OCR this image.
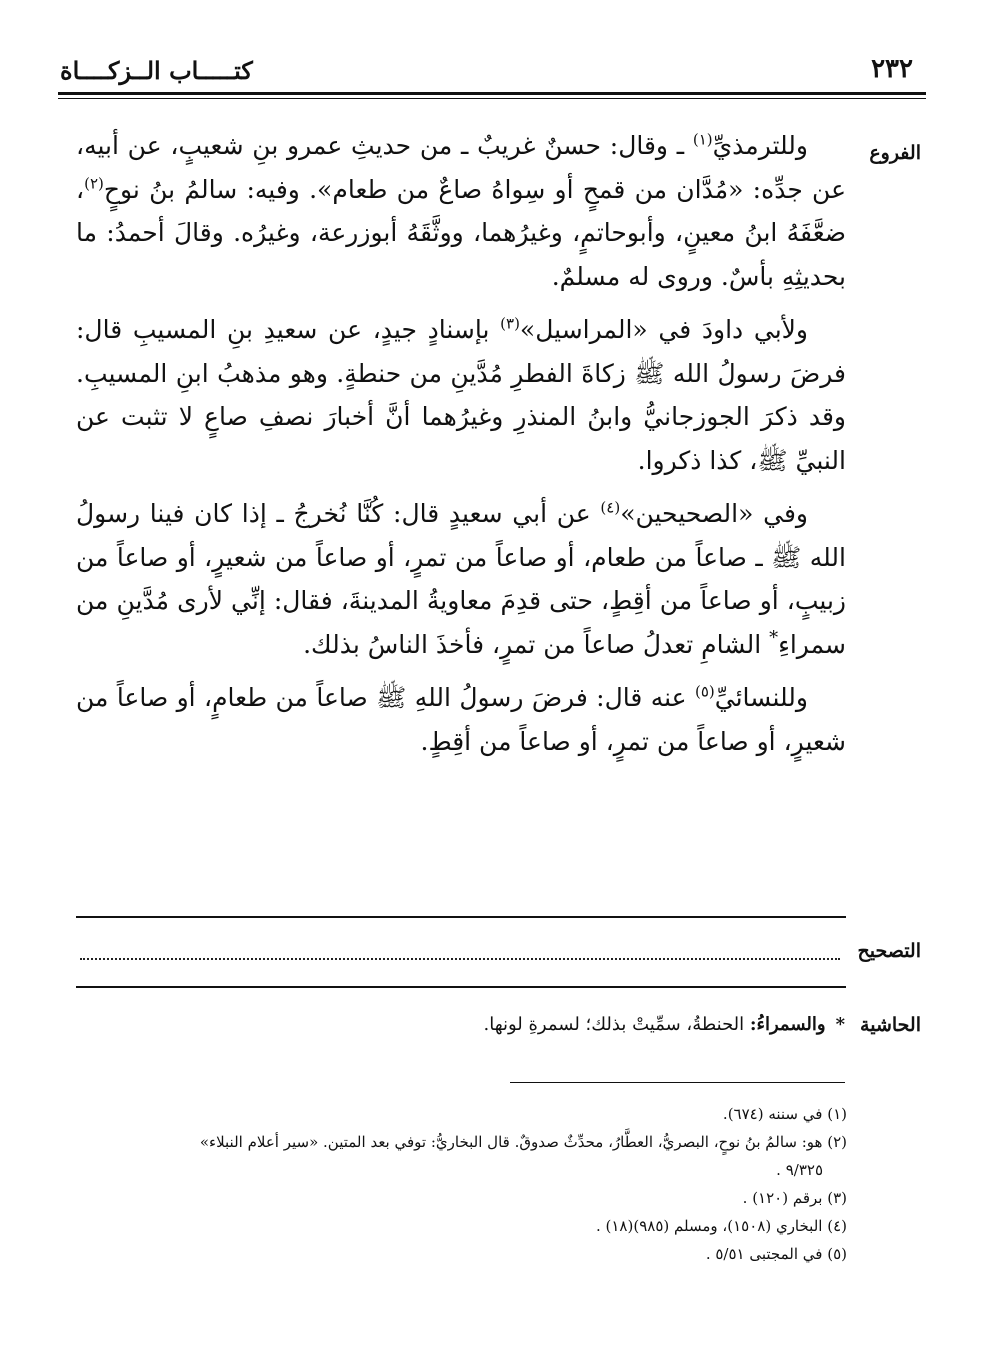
٢٣٢
كتـــــاب الــزكــــاة
الفروع

وللترمذيِّ$^{(١)}$ ـ وقال: حسنٌ غريبٌ ـ من حديثِ عمرو بنِ شعيبٍ، عن أبيه، عن جدِّه: «مُدَّان من قمحٍ أو سِواهُ صاعٌ من طعام». وفيه: سالمُ بنُ نوحٍ$^{(٢)}$، ضعَّفَهُ ابنُ معينٍ، وأبوحاتمٍ، وغيرُهما، ووثَّقَهُ أبوزرعة، وغيرُه. وقالَ أحمدُ: ما بحديثِهِ بأسٌ. وروى له مسلمٌ.

ولأبي داودَ في «المراسيل»$^{(٣)}$ بإسنادٍ جيدٍ، عن سعيدِ بنِ المسيبِ قال: فرضَ رسولُ الله ﷺ زكاةَ الفطرِ مُدَّينِ من حنطةٍ. وهو مذهبُ ابنِ المسيبِ. وقد ذكرَ الجوزجانيُّ وابنُ المنذرِ وغيرُهما أنَّ أخبارَ نصفِ صاعٍ لا تثبت عن النبيِّ ﷺ، كذا ذكروا.

وفي «الصحيحين»$^{(٤)}$ عن أبي سعيدٍ قال: كُنَّا نُخرجُ ـ إذا كان فينا رسولُ الله ﷺ ـ صاعاً من طعام، أو صاعاً من تمرٍ، أو صاعاً من شعيرٍ، أو صاعاً من زبيبٍ، أو صاعاً من أقِطٍ، حتى قدِمَ معاويةُ المدينةَ، فقال: إنِّي لأرى مُدَّينِ من سمراءِ* الشامِ تعدلُ صاعاً من تمرٍ، فأخذَ الناسُ بذلك.

وللنسائيِّ$^{(٥)}$ عنه قال: فرضَ رسولُ اللهِ ﷺ صاعاً من طعامٍ، أو صاعاً من شعيرٍ، أو صاعاً من تمرٍ، أو صاعاً من أقِطٍ.

التصحيح
الحاشية
*والسمراءُ: الحنطةُ، سمِّيتْ بذلك؛ لسمرةِ لونها.
(١) في سننه (٦٧٤).
(٢) هو: سالمُ بنُ نوحٍ، البصريُّ، العطَّارُ، محدِّثٌ صدوقٌ. قال البخاريُّ: توفي بعد المتين. «سير أعلام النبلاء»
٩/٣٢٥ .
(٣) برقم (١٢٠) .
(٤) البخاري (١٥٠٨)، ومسلم (٩٨٥)(١٨) .
(٥) في المجتبى ٥/٥١ .
